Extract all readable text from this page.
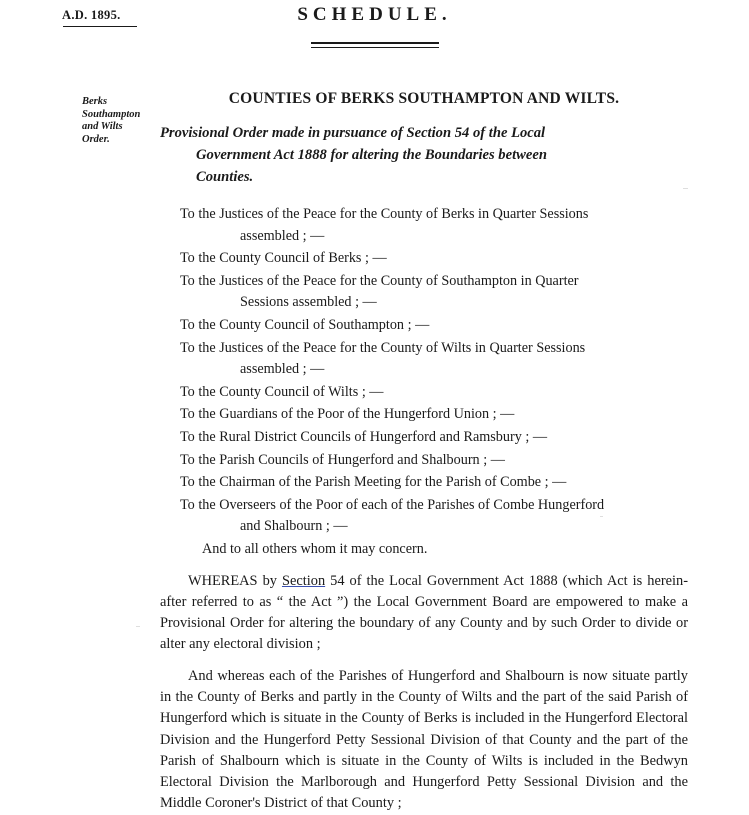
A.D. 1895.	SCHEDULE.
Berks Southampton and Wilts Order.
COUNTIES OF BERKS SOUTHAMPTON AND WILTS.
Provisional Order made in pursuance of Section 54 of the Local
Government Act 1888 for altering the Boundaries between
Counties.
To the Justices of the Peace for the County of Berks in Quarter Sessions
assembled ; —
To the County Council of Berks ; —
To the Justices of the Peace for the County of Southampton in Quarter
Sessions assembled ; —
To the County Council of Southampton ; —
To the Justices of the Peace for the County of Wilts in Quarter Sessions
assembled ; —
To the County Council of Wilts ; —
To the Guardians of the Poor of the Hungerford Union ; —
To the Rural District Councils of Hungerford and Ramsbury ; —
To the Parish Councils of Hungerford and Shalbourn ; —
To the Chairman of the Parish Meeting for the Parish of Combe ; —
To the Overseers of the Poor of each of the Parishes of Combe Hungerford
and Shalbourn ; —
And to all others whom it may concern.
WHEREAS by Section 54 of the Local Government Act 1888 (which Act is herein-after referred to as “ the Act ”) the Local Government Board are empowered to make a Provisional Order for altering the boundary of any County and by such Order to divide or alter any electoral division ;
And whereas each of the Parishes of Hungerford and Shalbourn is now situate partly in the County of Berks and partly in the County of Wilts and the part of the said Parish of Hungerford which is situate in the County of Berks is included in the Hungerford Electoral Division and the Hungerford Petty Sessional Division of that County and the part of the Parish of Shalbourn which is situate in the County of Wilts is included in the Bedwyn Electoral Division the Marlborough and Hungerford Petty Sessional Division and the Middle Coroner's District of that County ;
